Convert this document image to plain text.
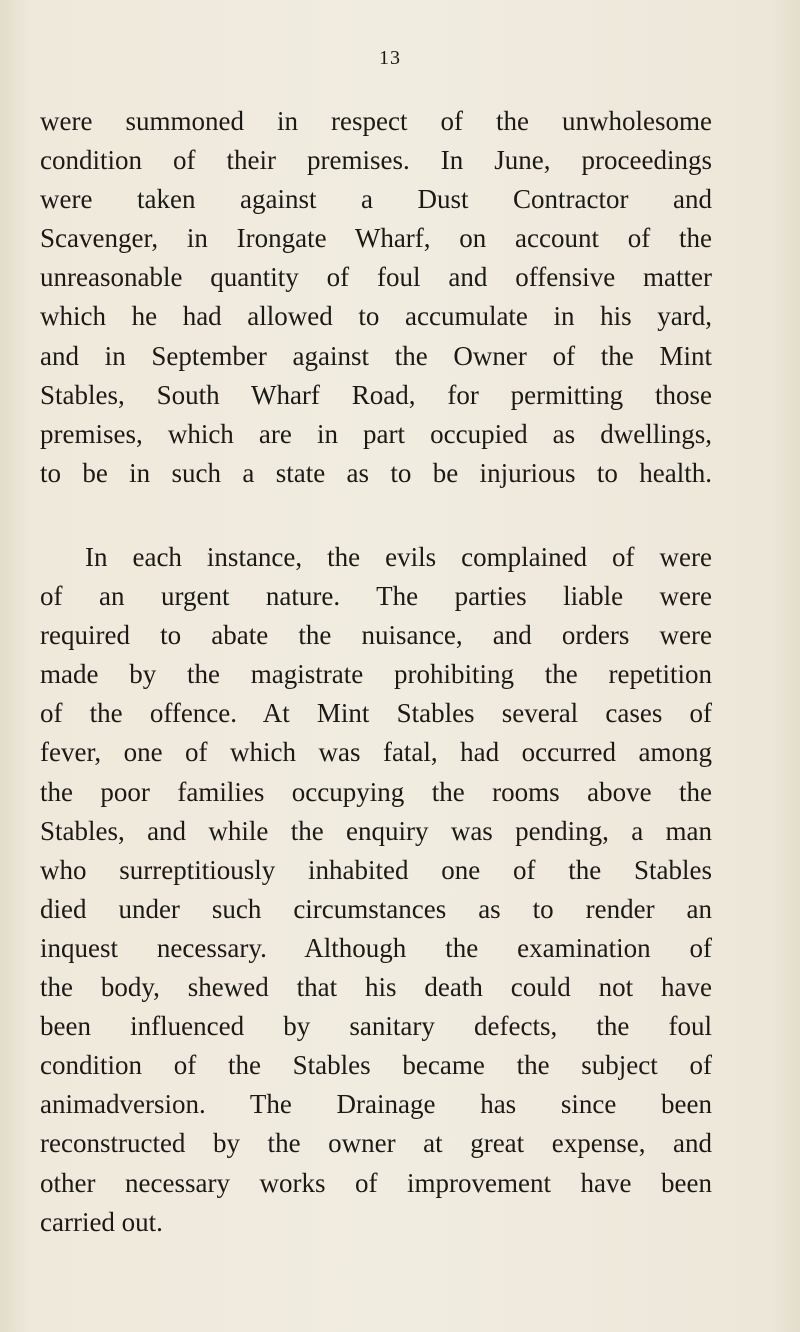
13
were summoned in respect of the unwholesome
condition of their premises. In June, proceedings
were taken against a Dust Contractor and
Scavenger, in Irongate Wharf, on account of the
unreasonable quantity of foul and offensive matter
which he had allowed to accumulate in his yard,
and in September against the Owner of the Mint
Stables, South Wharf Road, for permitting those
premises, which are in part occupied as dwellings,
to be in such a state as to be injurious to health.
In each instance, the evils complained of were
of an urgent nature. The parties liable were
required to abate the nuisance, and orders were
made by the magistrate prohibiting the repetition
of the offence. At Mint Stables several cases of
fever, one of which was fatal, had occurred among
the poor families occupying the rooms above the
Stables, and while the enquiry was pending, a man
who surreptitiously inhabited one of the Stables
died under such circumstances as to render an
inquest necessary. Although the examination of
the body, shewed that his death could not have
been influenced by sanitary defects, the foul
condition of the Stables became the subject of
animadversion. The Drainage has since been
reconstructed by the owner at great expense, and
other necessary works of improvement have been
carried out.
